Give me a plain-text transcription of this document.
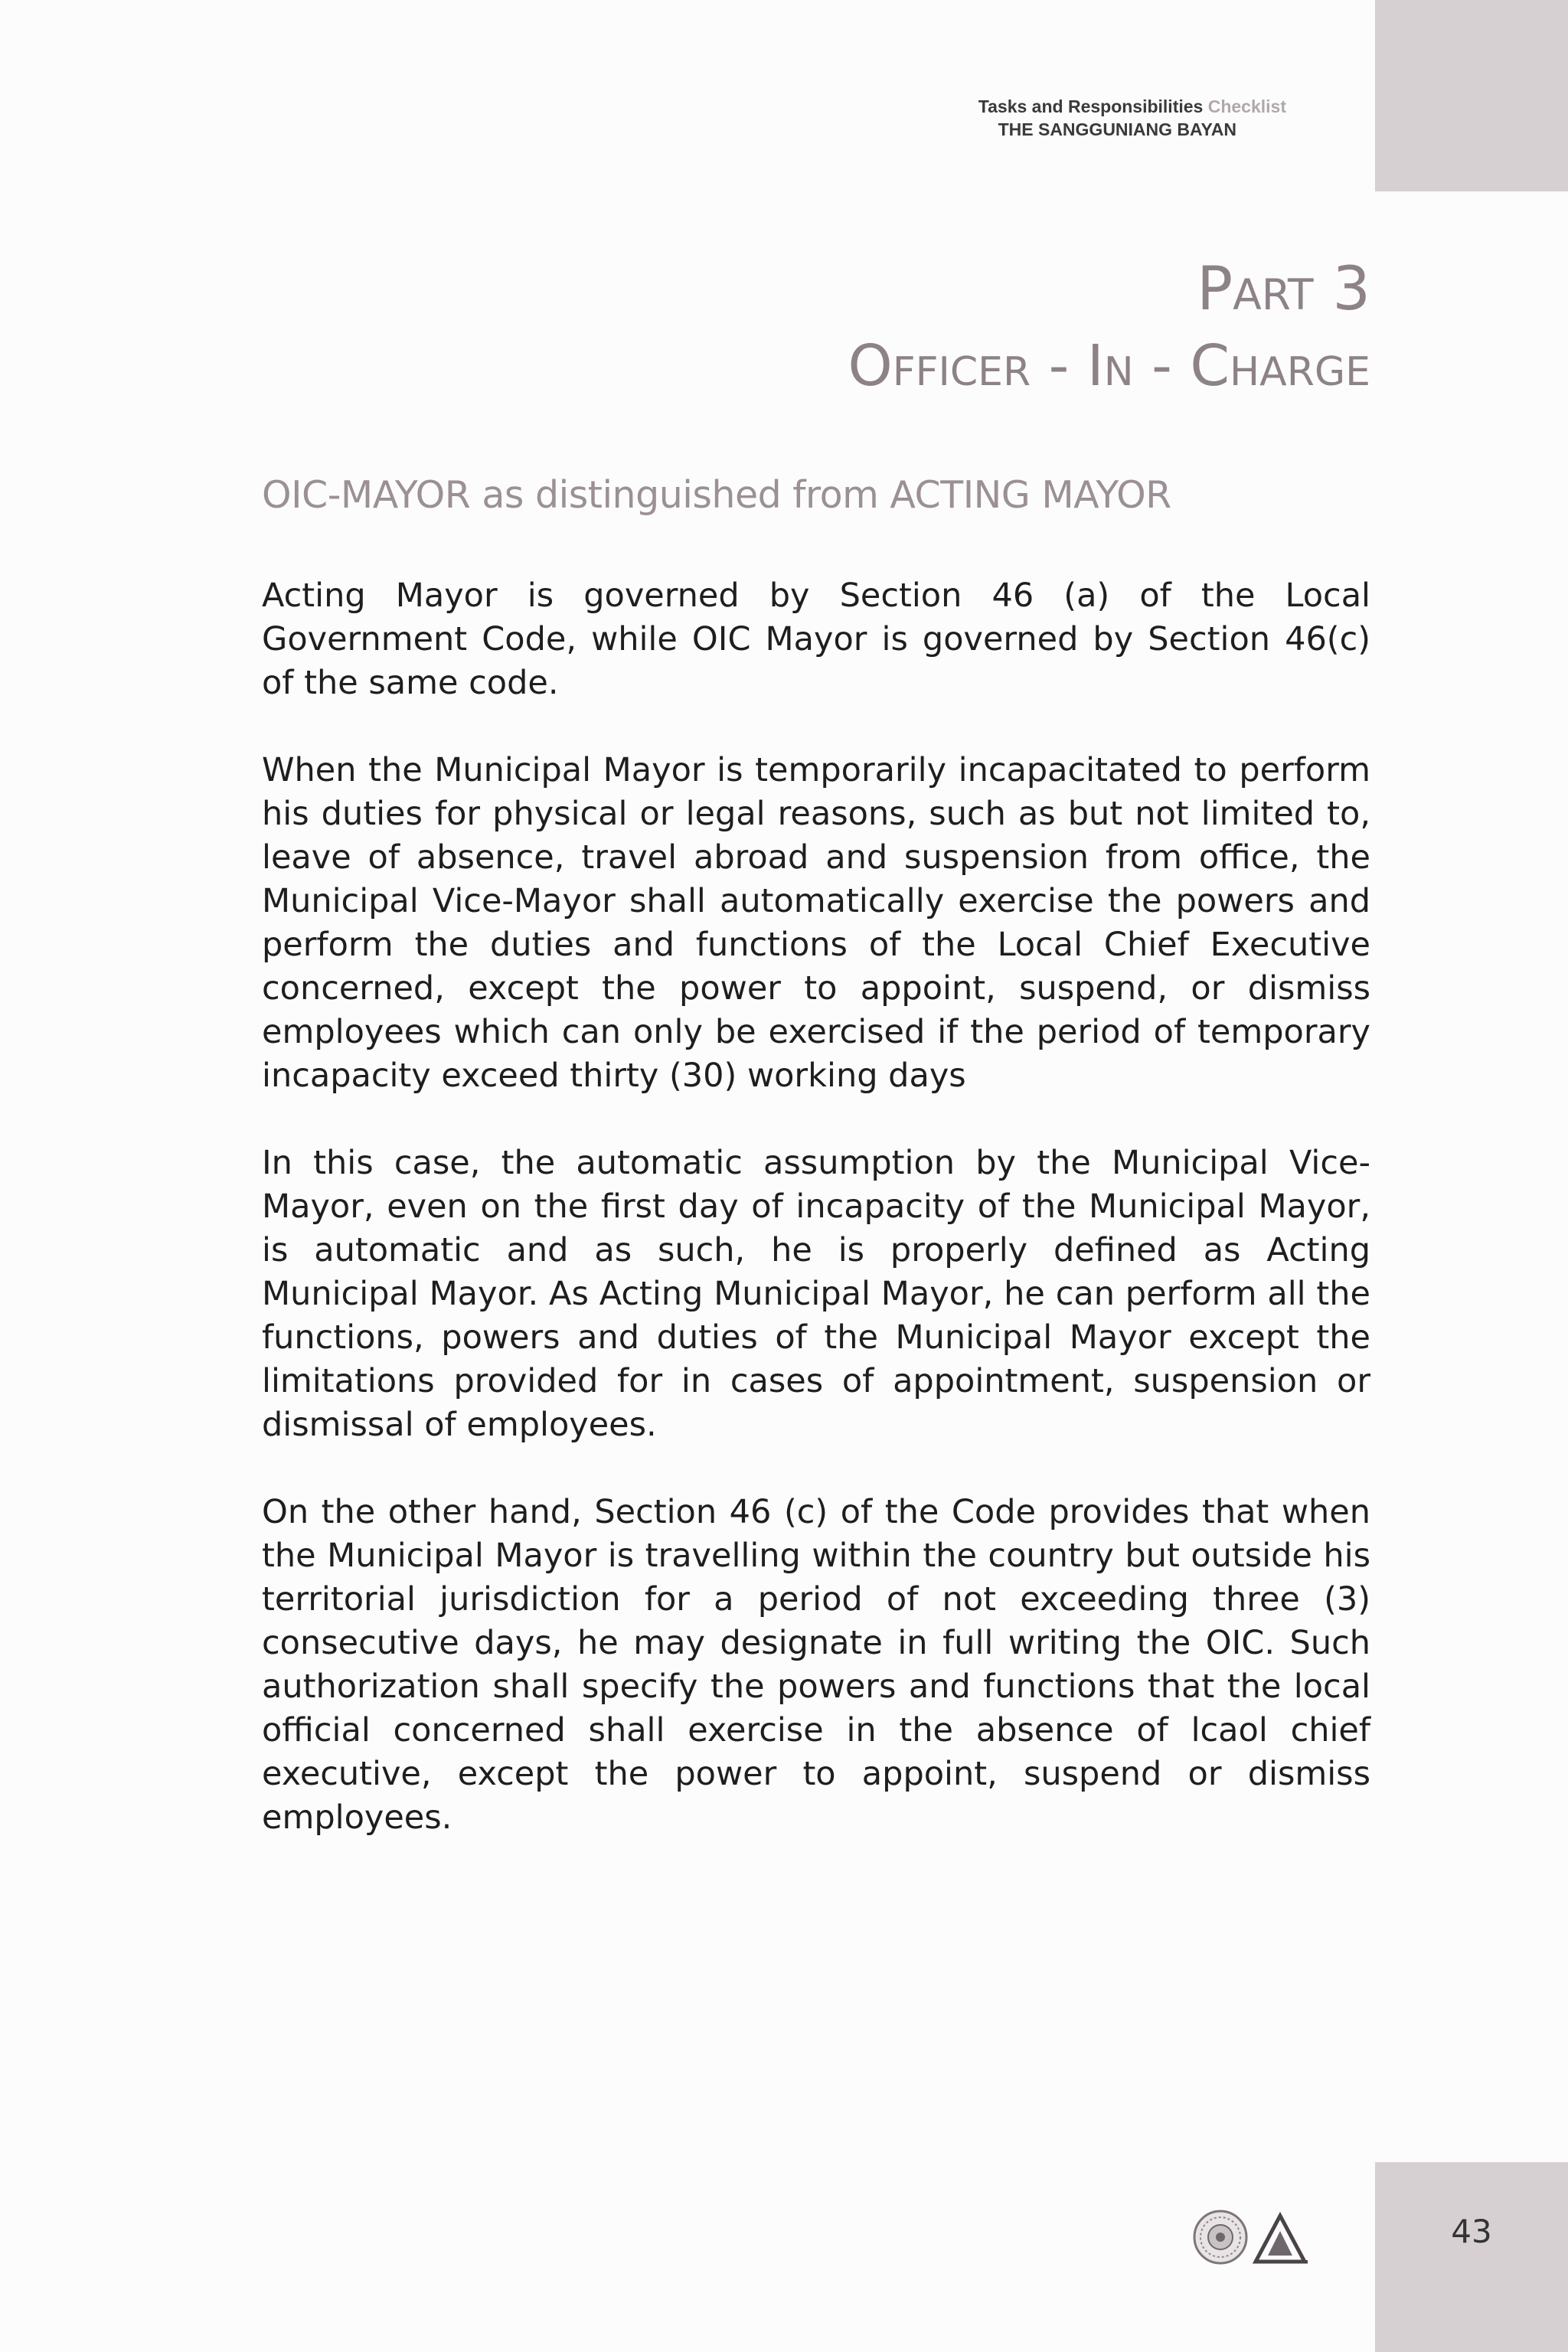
Tasks and Responsibilities Checklist
THE SANGGUNIANG BAYAN
Part 3
Officer - In - Charge
OIC-MAYOR as distinguished from ACTING MAYOR

Acting Mayor is governed by Section 46 (a) of the Local Government Code, while OIC Mayor is governed by Section 46(c) of the same code.

When the Municipal Mayor is temporarily incapacitated to perform his duties for physical or legal reasons, such as but not limited to, leave of absence, travel abroad and suspension from office, the Municipal Vice-Mayor shall automatically exercise the powers and perform the duties and functions of the Local Chief Executive concerned, except the power to appoint, suspend, or dismiss employees which can only be exercised if the period of temporary incapacity exceed thirty (30) working days

In this case, the automatic assumption by the Municipal Vice-Mayor, even on the first day of incapacity of the Municipal Mayor, is automatic and as such, he is properly defined as Acting Municipal Mayor. As Acting Municipal Mayor, he can perform all the functions, powers and duties of the Municipal Mayor except the limitations provided for in cases of appointment, suspension or dismissal of employees.

On the other hand, Section 46 (c) of the Code provides that when the Municipal Mayor is travelling within the country but outside his territorial jurisdiction for a period of not exceeding three (3) consecutive days, he may designate in full writing the OIC. Such authorization shall specify the powers and functions that the local official concerned shall exercise in the absence of lcaol chief executive, except the power to appoint, suspend or dismiss employees.

43
